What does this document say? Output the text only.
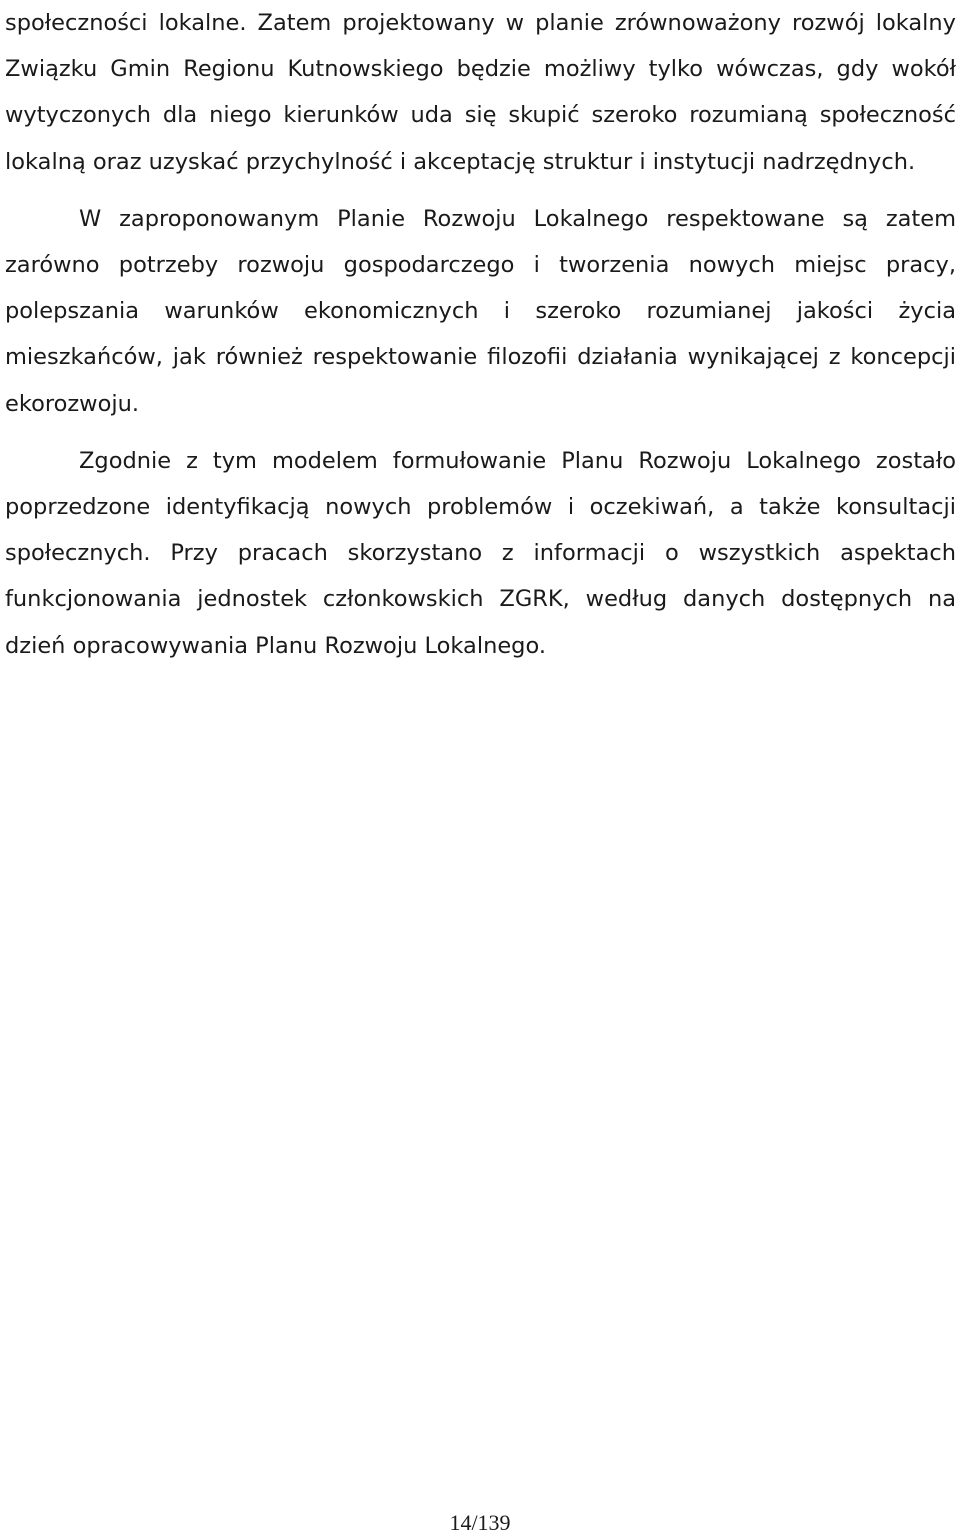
społeczności lokalne. Zatem projektowany w planie zrównoważony rozwój lokalny Związku Gmin Regionu Kutnowskiego będzie możliwy tylko wówczas, gdy wokół wytyczonych dla niego kierunków uda się skupić szeroko rozumianą społeczność lokalną oraz uzyskać przychylność i akceptację struktur i instytucji nadrzędnych.

W zaproponowanym Planie Rozwoju Lokalnego respektowane są zatem zarówno potrzeby rozwoju gospodarczego i tworzenia nowych miejsc pracy, polepszania warunków ekonomicznych i szeroko rozumianej jakości życia mieszkańców, jak również respektowanie filozofii działania wynikającej z koncepcji ekorozwoju.

Zgodnie z tym modelem formułowanie Planu Rozwoju Lokalnego zostało poprzedzone identyfikacją nowych problemów i oczekiwań, a także konsultacji społecznych. Przy pracach skorzystano z informacji o wszystkich aspektach funkcjonowania jednostek członkowskich ZGRK, według danych dostępnych na dzień opracowywania Planu Rozwoju Lokalnego.

14/139
